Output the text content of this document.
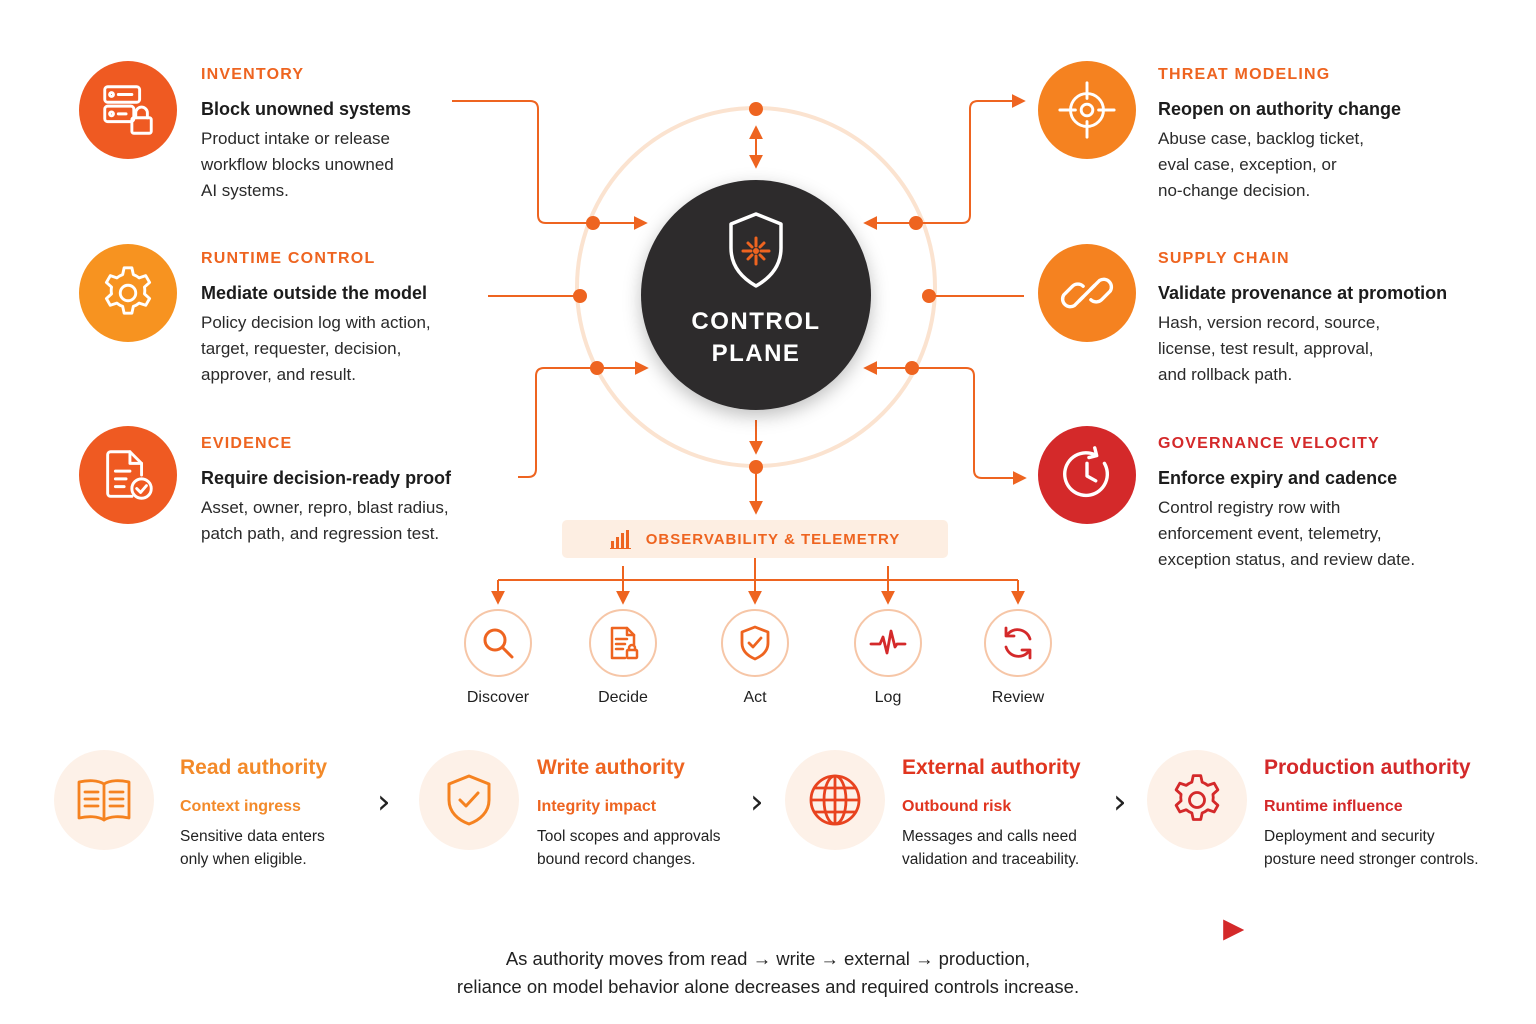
INVENTORY
Block unowned systems
Product intake or release
workflow blocks unowned
AI systems.
RUNTIME CONTROL
Mediate outside the model
Policy decision log with action,
target, requester, decision,
approver, and result.
EVIDENCE
Require decision-ready proof
Asset, owner, repro, blast radius,
patch path, and regression test.
THREAT MODELING
Reopen on authority change
Abuse case, backlog ticket,
eval case, exception, or
no-change decision.
SUPPLY CHAIN
Validate provenance at promotion
Hash, version record, source,
license, test result, approval,
and rollback path.
GOVERNANCE VELOCITY
Enforce expiry and cadence
Control registry row with
enforcement event, telemetry,
exception status, and review date.
CONTROL
PLANE
OBSERVABILITY & TELEMETRY
Discover	Decide	Act	Log	Review
Read authority
Context ingress
Sensitive data enters
only when eligible.
›
Write authority
Integrity impact
Tool scopes and approvals
bound record changes.
›
External authority
Outbound risk
Messages and calls need
validation and traceability.
›
Production authority
Runtime influence
Deployment and security
posture need stronger controls.
As authority moves from read → write → external → production,
reliance on model behavior alone decreases and required controls increase.
